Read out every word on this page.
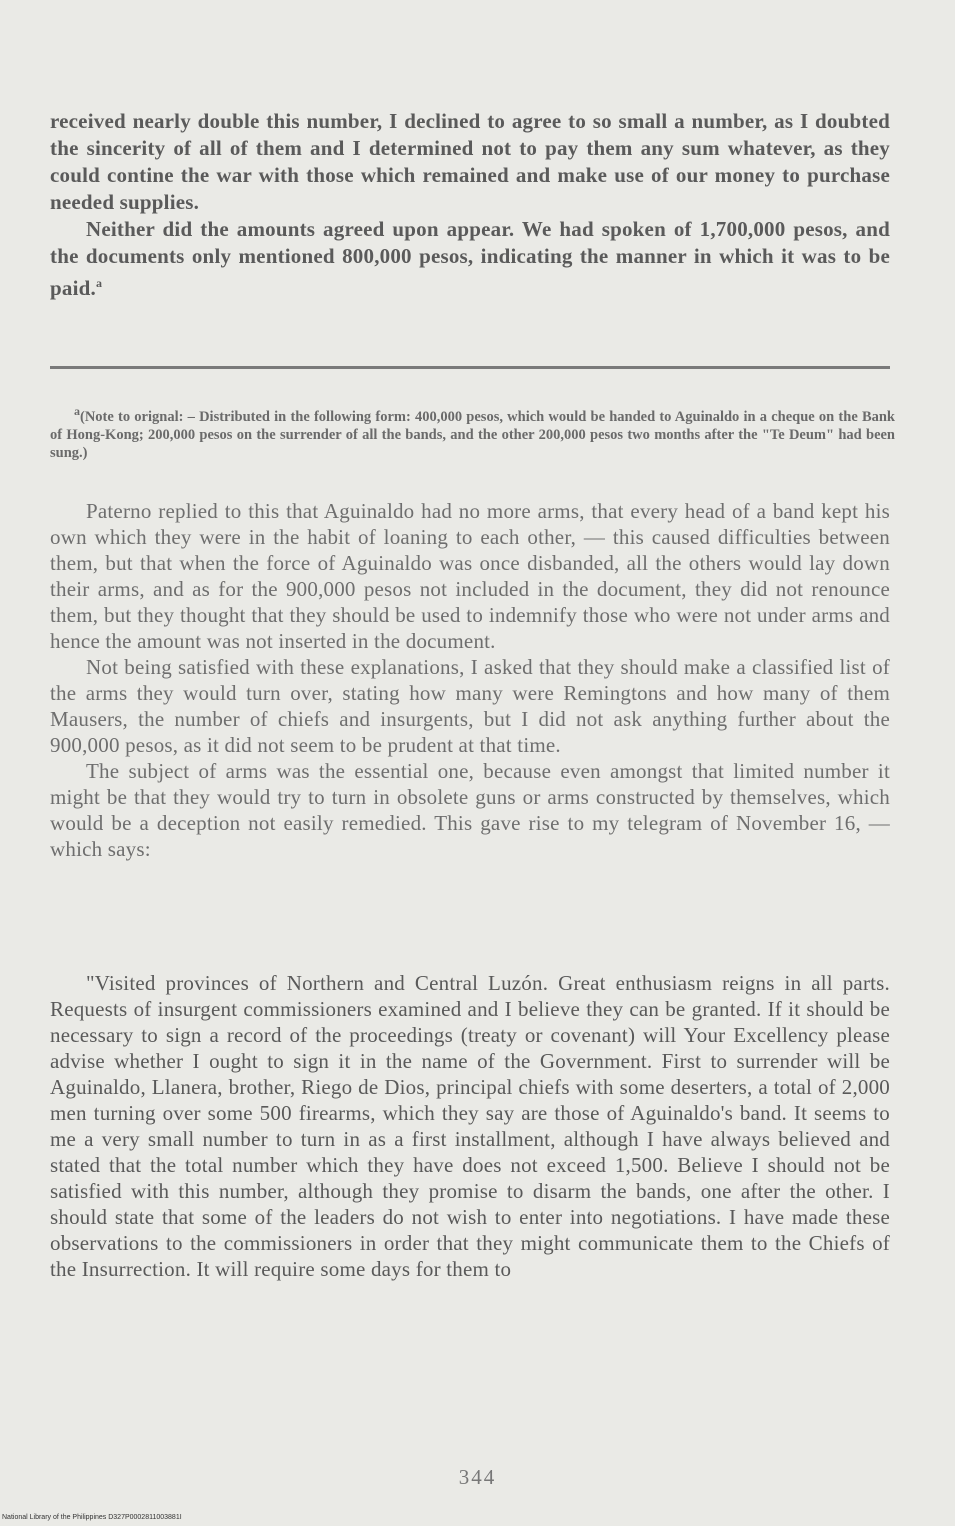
received nearly double this number, I declined to agree to so small a number, as I doubted the sincerity of all of them and I determined not to pay them any sum whatever, as they could contine the war with those which remained and make use of our money to purchase needed supplies.

Neither did the amounts agreed upon appear. We had spoken of 1,700,000 pesos, and the documents only mentioned 800,000 pesos, indicating the manner in which it was to be paid.$^a$

$^a$(Note to orignal: – Distributed in the following form: 400,000 pesos, which would be handed to Aguinaldo in a cheque on the Bank of Hong-Kong; 200,000 pesos on the surrender of all the bands, and the other 200,000 pesos two months after the "Te Deum" had been sung.)

Paterno replied to this that Aguinaldo had no more arms, that every head of a band kept his own which they were in the habit of loaning to each other, — this caused difficulties between them, but that when the force of Aguinaldo was once disbanded, all the others would lay down their arms, and as for the 900,000 pesos not included in the document, they did not renounce them, but they thought that they should be used to indemnify those who were not under arms and hence the amount was not inserted in the document.

Not being satisfied with these explanations, I asked that they should make a classified list of the arms they would turn over, stating how many were Remingtons and how many of them Mausers, the number of chiefs and insurgents, but I did not ask anything further about the 900,000 pesos, as it did not seem to be prudent at that time.

The subject of arms was the essential one, because even amongst that limited number it might be that they would try to turn in obsolete guns or arms constructed by themselves, which would be a deception not easily remedied. This gave rise to my telegram of November 16, — which says:

"Visited provinces of Northern and Central Luzón. Great enthusiasm reigns in all parts. Requests of insurgent commissioners examined and I believe they can be granted. If it should be necessary to sign a record of the proceedings (treaty or covenant) will Your Excellency please advise whether I ought to sign it in the name of the Government. First to surrender will be Aguinaldo, Llanera, brother, Riego de Dios, principal chiefs with some deserters, a total of 2,000 men turning over some 500 firearms, which they say are those of Aguinaldo's band. It seems to me a very small number to turn in as a first installment, although I have always believed and stated that the total number which they have does not exceed 1,500. Believe I should not be satisfied with this number, although they promise to disarm the bands, one after the other. I should state that some of the leaders do not wish to enter into negotiations. I have made these observations to the commissioners in order that they might communicate them to the Chiefs of the Insurrection. It will require some days for them to

344
National Library of the Philippines D327P0002811003881I
